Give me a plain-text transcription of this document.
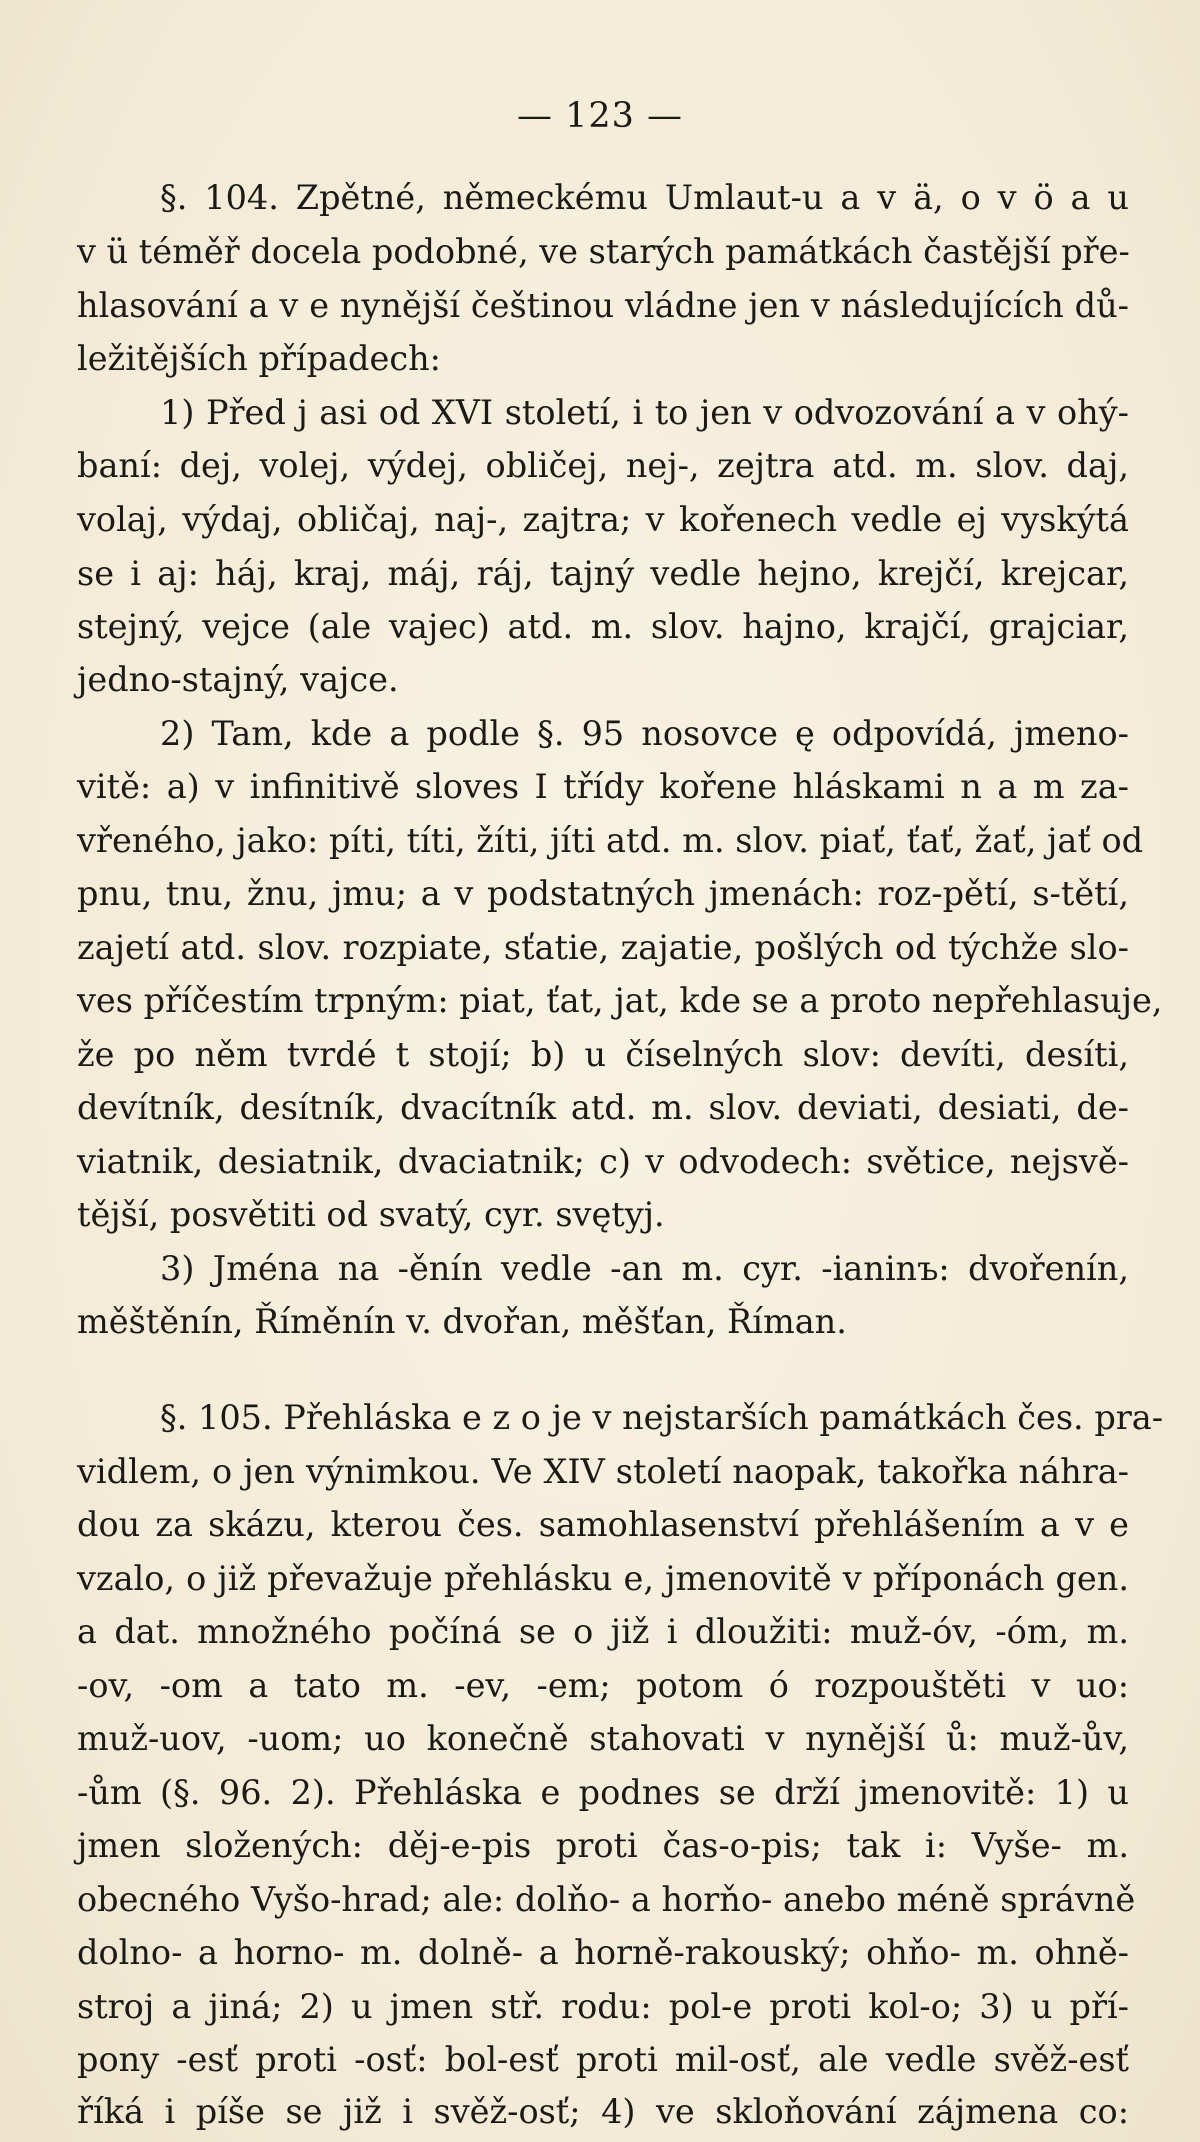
— 123 —
§. 104. Zpětné, německému Umlaut-u a v ä, o v ö a u
v ü téměř docela podobné, ve starých památkách častější pře-
hlasování a v e nynější češtinou vládne jen v následujících dů-
ležitějších případech:
1) Před j asi od XVI století, i to jen v odvozování a v ohý-
baní: dej, volej, výdej, obličej, nej-, zejtra atd. m. slov. daj,
volaj, výdaj, obličaj, naj-, zajtra; v kořenech vedle ej vyskýtá
se i aj: háj, kraj, máj, ráj, tajný vedle hejno, krejčí, krejcar,
stejný, vejce (ale vajec) atd. m. slov. hajno, krajčí, grajciar,
jedno-stajný, vajce.
2) Tam, kde a podle §. 95 nosovce ę odpovídá, jmeno-
vitě: a) v infinitivě sloves I třídy kořene hláskami n a m za-
vřeného, jako: píti, títi, žíti, jíti atd. m. slov. piať, ťať, žať, jať od
pnu, tnu, žnu, jmu; a v podstatných jmenách: roz-pětí, s-tětí,
zajetí atd. slov. rozpiate, sťatie, zajatie, pošlých od týchže slo-
ves příčestím trpným: piat, ťat, jat, kde se a proto nepřehlasuje,
že po něm tvrdé t stojí; b) u číselných slov: devíti, desíti,
devítník, desítník, dvacítník atd. m. slov. deviati, desiati, de-
viatnik, desiatnik, dvaciatnik; c) v odvodech: světice, nejsvě-
tější, posvětiti od svatý, cyr. svętyj.
3) Jména na -ěnín vedle -an m. cyr. -ianinъ: dvořenín,
měštěnín, Říměnín v. dvořan, měšťan, Říman.
§. 105. Přehláska e z o je v nejstarších památkách čes. pra-
vidlem, o jen výnimkou. Ve XIV století naopak, takořka náhra-
dou za skázu, kterou čes. samohlasenství přehlášením a v e
vzalo, o již převažuje přehlásku e, jmenovitě v příponách gen.
a dat. množného počíná se o již i dloužiti: muž-óv, -óm, m.
-ov, -om a tato m. -ev, -em; potom ó rozpouštěti v uo:
muž-uov, -uom; uo konečně stahovati v nynější ů: muž-ův,
-ům (§. 96. 2). Přehláska e podnes se drží jmenovitě: 1) u
jmen složených: děj-e-pis proti čas-o-pis; tak i: Vyše- m.
obecného Vyšo-hrad; ale: dolňo- a horňo- anebo méně správně
dolno- a horno- m. dolně- a horně-rakouský; ohňo- m. ohně-
stroj a jiná; 2) u jmen stř. rodu: pol-e proti kol-o; 3) u pří-
pony -esť proti -osť: bol-esť proti mil-osť, ale vedle svěž-esť
říká i píše se již i svěž-osť; 4) ve skloňování zájmena co:
